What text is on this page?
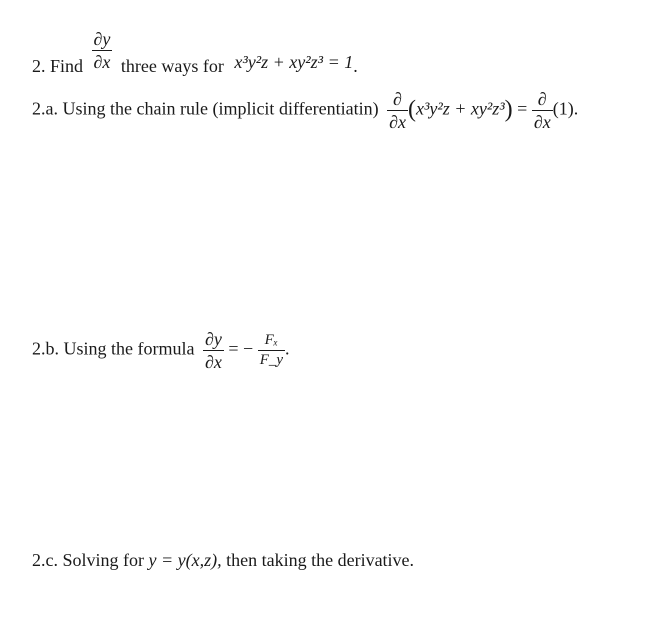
2. Find $\frac{\partial y}{\partial x}$ three ways for x³y²z + xy²z³ = 1.
2.a. Using the chain rule (implicit differentiatin) $\frac{\partial}{\partial x} (x^3y^2z + xy^2z^3) = \frac{\partial}{\partial x} (1)$.
2.b. Using the formula $\frac{\partial y}{\partial x}$ = − $\frac{\text{Fₓ}}{F\_y}$ .
2.c. Solving for y = y(x,z), then taking the derivative.
